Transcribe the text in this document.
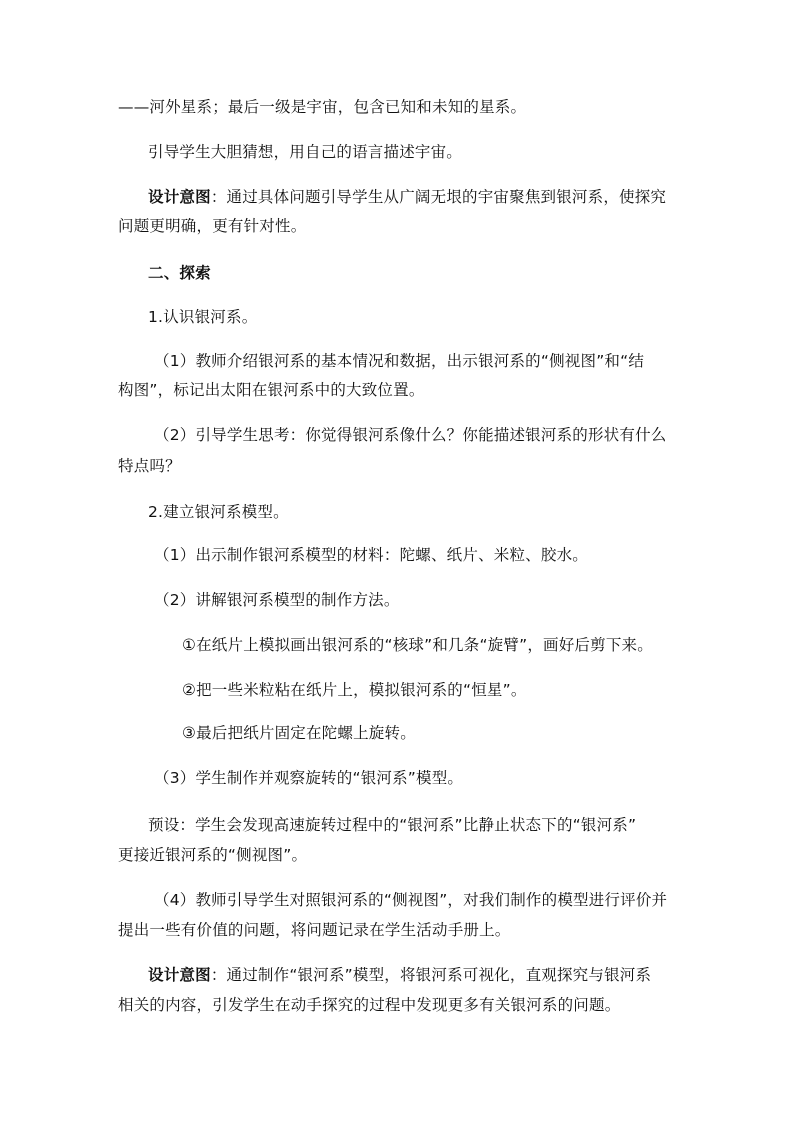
——河外星系；最后一级是宇宙，包含已知和未知的星系。
引导学生大胆猜想，用自己的语言描述宇宙。
设计意图：通过具体问题引导学生从广阔无垠的宇宙聚焦到银河系，使探究
问题更明确，更有针对性。
二、探索
1.认识银河系。
（1）教师介绍银河系的基本情况和数据，出示银河系的“侧视图”和“结
构图”，标记出太阳在银河系中的大致位置。
（2）引导学生思考：你觉得银河系像什么？你能描述银河系的形状有什么
特点吗？
2.建立银河系模型。
（1）出示制作银河系模型的材料：陀螺、纸片、米粒、胶水。
（2）讲解银河系模型的制作方法。
①在纸片上模拟画出银河系的“核球”和几条“旋臂”，画好后剪下来。
②把一些米粒粘在纸片上，模拟银河系的“恒星”。
③最后把纸片固定在陀螺上旋转。
（3）学生制作并观察旋转的“银河系”模型。
预设：学生会发现高速旋转过程中的“银河系”比静止状态下的“银河系”
更接近银河系的“侧视图”。
（4）教师引导学生对照银河系的“侧视图”，对我们制作的模型进行评价并
提出一些有价值的问题，将问题记录在学生活动手册上。
设计意图：通过制作“银河系”模型，将银河系可视化，直观探究与银河系
相关的内容，引发学生在动手探究的过程中发现更多有关银河系的问题。
